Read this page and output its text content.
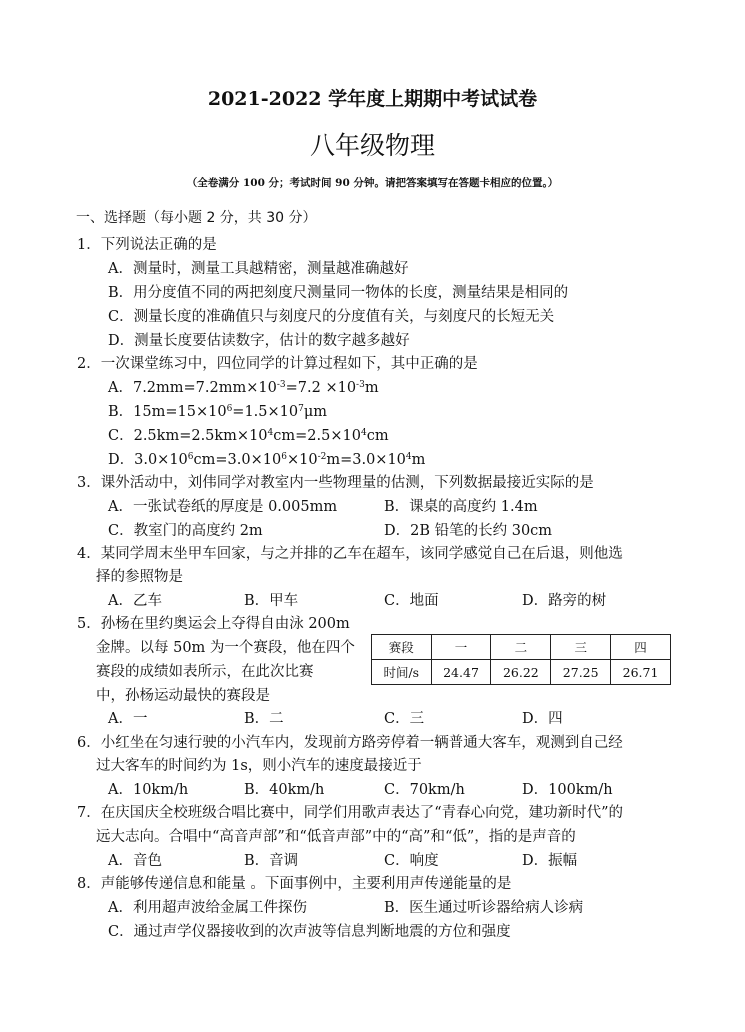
2021-2022 学年度上期期中考试试卷
八年级物理
（全卷满分 100 分；考试时间 90 分钟。请把答案填写在答题卡相应的位置。）
一、选择题（每小题 2 分，共 30 分）
1．下列说法正确的是
A．测量时，测量工具越精密，测量越准确越好
B．用分度值不同的两把刻度尺测量同一物体的长度，测量结果是相同的
C．测量长度的准确值只与刻度尺的分度值有关，与刻度尺的长短无关
D．测量长度要估读数字，估计的数字越多越好
2．一次课堂练习中，四位同学的计算过程如下，其中正确的是
A．$7.2mm=7.2mm\times 10^{-3}=7.2 \times 10^{-3}m$
B．$15m=15\times 10^6=1.5\times 10^7\mu m$
C．$2.5km=2.5km\times 10^4cm=2.5\times 10^4cm$
D．$3.0\times 10^6cm=3.0\times 10^6\times 10^{-2}m=3.0\times 10^4m$
3．课外活动中，刘伟同学对教室内一些物理量的估测，下列数据最接近实际的是
A．一张试卷纸的厚度是 0.005mm	B．课桌的高度约 1.4m
C．教室门的高度约 2m	D．2B 铅笔的长约 30cm
4．某同学周末坐甲车回家，与之并排的乙车在超车，该同学感觉自己在后退，则他选
择的参照物是
A．乙车	B．甲车	C．地面	D．路旁的树
5．孙杨在里约奥运会上夺得自由泳 200m
金牌。以每 50m 为一个赛段，他在四个
赛段的成绩如表所示，在此次比赛
中，孙杨运动最快的赛段是
赛段	一	二	三	四
时间/s	24.47	26.22	27.25	26.71
A．一	B．二	C．三	D．四
6．小红坐在匀速行驶的小汽车内，发现前方路旁停着一辆普通大客车，观测到自己经
过大客车的时间约为 1s，则小汽车的速度最接近于
A．10km/h	B．40km/h	C．70km/h	D．100km/h
7．在庆国庆全校班级合唱比赛中，同学们用歌声表达了“青春心向党，建功新时代”的
远大志向。合唱中“高音声部”和“低音声部”中的“高”和“低”，指的是声音的
A．音色	B．音调	C．响度	D．振幅
8．声能够传递信息和能量 。下面事例中，主要利用声传递能量的是
A．利用超声波给金属工件探伤	B．医生通过听诊器给病人诊病
C．通过声学仪器接收到的次声波等信息判断地震的方位和强度
